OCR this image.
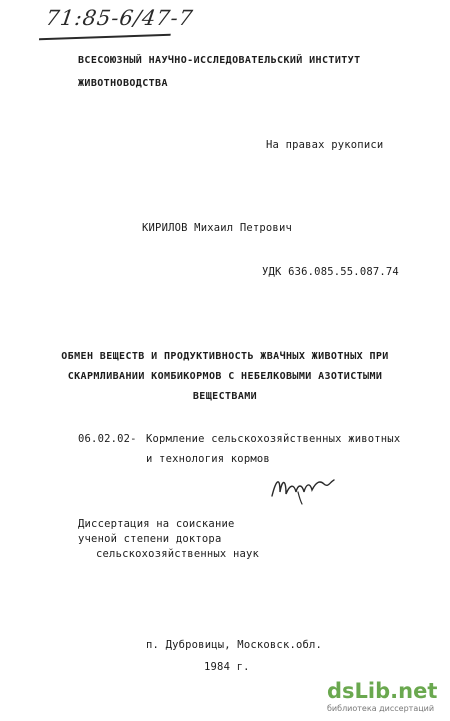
71:85-6/47-7
ВСЕСОЮЗНЫЙ НАУЧНО-ИССЛЕДОВАТЕЛЬСКИЙ ИНСТИТУТ
ЖИВОТНОВОДСТВА
На правах рукописи
КИРИЛОВ Михаил Петрович
УДК 636.085.55.087.74
ОБМЕН ВЕЩЕСТВ И ПРОДУКТИВНОСТЬ ЖВАЧНЫХ ЖИВОТНЫХ ПРИ
СКАРМЛИВАНИИ КОМБИКОРМОВ С НЕБЕЛКОВЫМИ АЗОТИСТЫМИ
ВЕЩЕСТВАМИ
06.02.02- Кормление сельскохозяйственных животных
и технология кормов
Диссертация на соискание
ученой степени доктора
сельскохозяйственных наук
п. Дубровицы, Московск.обл.
1984 г.
dsLib.net
библиотека диссертаций
